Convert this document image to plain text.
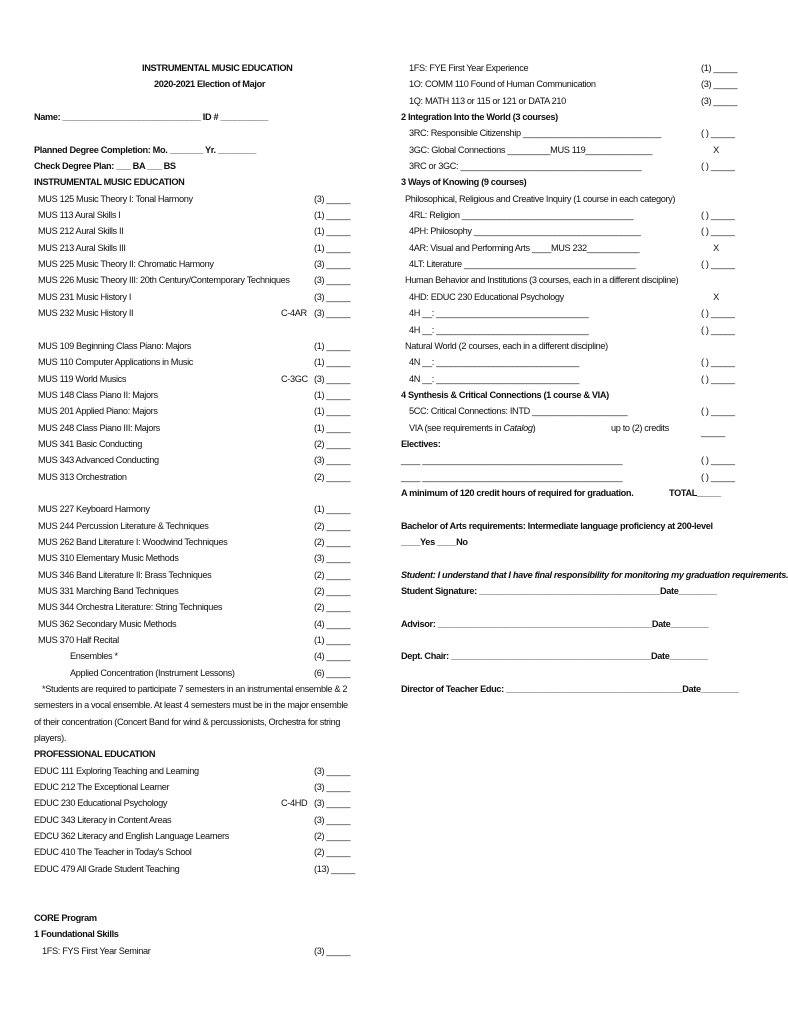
INSTRUMENTAL MUSIC EDUCATION
2020-2021 Election of Major
Name: _____________________________ ID # __________
Planned Degree Completion: Mo. _______ Yr. ________
Check Degree Plan: ___ BA ___ BS
INSTRUMENTAL MUSIC EDUCATION
MUS 125 Music Theory I: Tonal Harmony	(3) _____
MUS 113 Aural Skills I	(1) _____
MUS 212 Aural Skills II	(1) _____
MUS 213 Aural Skills III	(1) _____
MUS 225 Music Theory II: Chromatic Harmony	(3) _____
MUS 226 Music Theory III: 20th Century/Contemporary Techniques	(3) _____
MUS 231 Music History I	(3) _____
MUS 232 Music History II	C-4AR (3) _____
MUS 109 Beginning Class Piano: Majors	(1) _____
MUS 110 Computer Applications in Music	(1) _____
MUS 119 World Musics	C-3GC (3) _____
MUS 148 Class Piano II: Majors	(1) _____
MUS 201 Applied Piano: Majors	(1) _____
MUS 248 Class Piano III: Majors	(1) _____
MUS 341 Basic Conducting	(2) _____
MUS 343 Advanced Conducting	(3) _____
MUS 313 Orchestration	(2) _____
MUS 227 Keyboard Harmony	(1) _____
MUS 244 Percussion Literature & Techniques	(2) _____
MUS 262 Band Literature I: Woodwind Techniques	(2) _____
MUS 310 Elementary Music Methods	(3) _____
MUS 346 Band Literature II: Brass Techniques	(2) _____
MUS 331 Marching Band Techniques	(2) _____
MUS 344 Orchestra Literature: String Techniques	(2) _____
MUS 362 Secondary Music Methods	(4) _____
MUS 370 Half Recital	(1) _____
Ensembles *	(4) _____
Applied Concentration (Instrument Lessons)	(6) _____
*Students are required to participate 7 semesters in an instrumental ensemble & 2 semesters in a vocal ensemble. At least 4 semesters must be in the major ensemble of their concentration (Concert Band for wind & percussionists, Orchestra for string players).
PROFESSIONAL EDUCATION
EDUC 111 Exploring Teaching and Learning	(3) _____
EDUC 212 The Exceptional Learner	(3) _____
EDUC 230 Educational Psychology	C-4HD (3) _____
EDUC 343 Literacy in Content Areas	(3) _____
EDCU 362 Literacy and English Language Learners	(2) _____
EDUC 410 The Teacher in Today's School	(2) _____
EDUC 479 All Grade Student Teaching	(13) _____
CORE Program
1 Foundational Skills
1FS: FYS First Year Seminar	(3) _____
1FS: FYE First Year Experience	(1) _____
1O: COMM 110 Found of Human Communication	(3) _____
1Q: MATH 113 or 115 or 121 or DATA 210	(3) _____
2 Integration Into the World (3 courses)
3RC: Responsible Citizenship _____________________________	( ) _____
3GC: Global Connections _________MUS 119______________	X
3RC or 3GC: ______________________________________	( ) _____
3 Ways of Knowing (9 courses)
Philosophical, Religious and Creative Inquiry (1 course in each category)
4RL: Religion ____________________________________	( ) _____
4PH: Philosophy ___________________________________	( ) _____
4AR: Visual and Performing Arts ____MUS 232___________	X
4LT: Literature ____________________________________	( ) _____
Human Behavior and Institutions (3 courses, each in a different discipline)
4HD: EDUC 230 Educational Psychology	X
4H __: ________________________________	( ) _____
4H __: ________________________________	( ) _____
Natural World (2 courses, each in a different discipline)
4N __: ______________________________	( ) _____
4N __: ______________________________	( ) _____
4 Synthesis & Critical Connections (1 course & VIA)
5CC: Critical Connections: INTD ____________________	( ) _____
VIA (see requirements in Catalog)	up to (2) credits	_____
Electives:
____ __________________________________________	( ) _____
____ __________________________________________	( ) _____
A minimum of 120 credit hours of required for graduation.	TOTAL_____
Bachelor of Arts requirements: Intermediate language proficiency at 200-level
____Yes ____No
Student: I understand that I have final responsibility for monitoring my graduation requirements.
Student Signature: ______________________________________Date________
Advisor: _____________________________________________Date________
Dept. Chair: __________________________________________Date________
Director of Teacher Educ: _____________________________________Date________
